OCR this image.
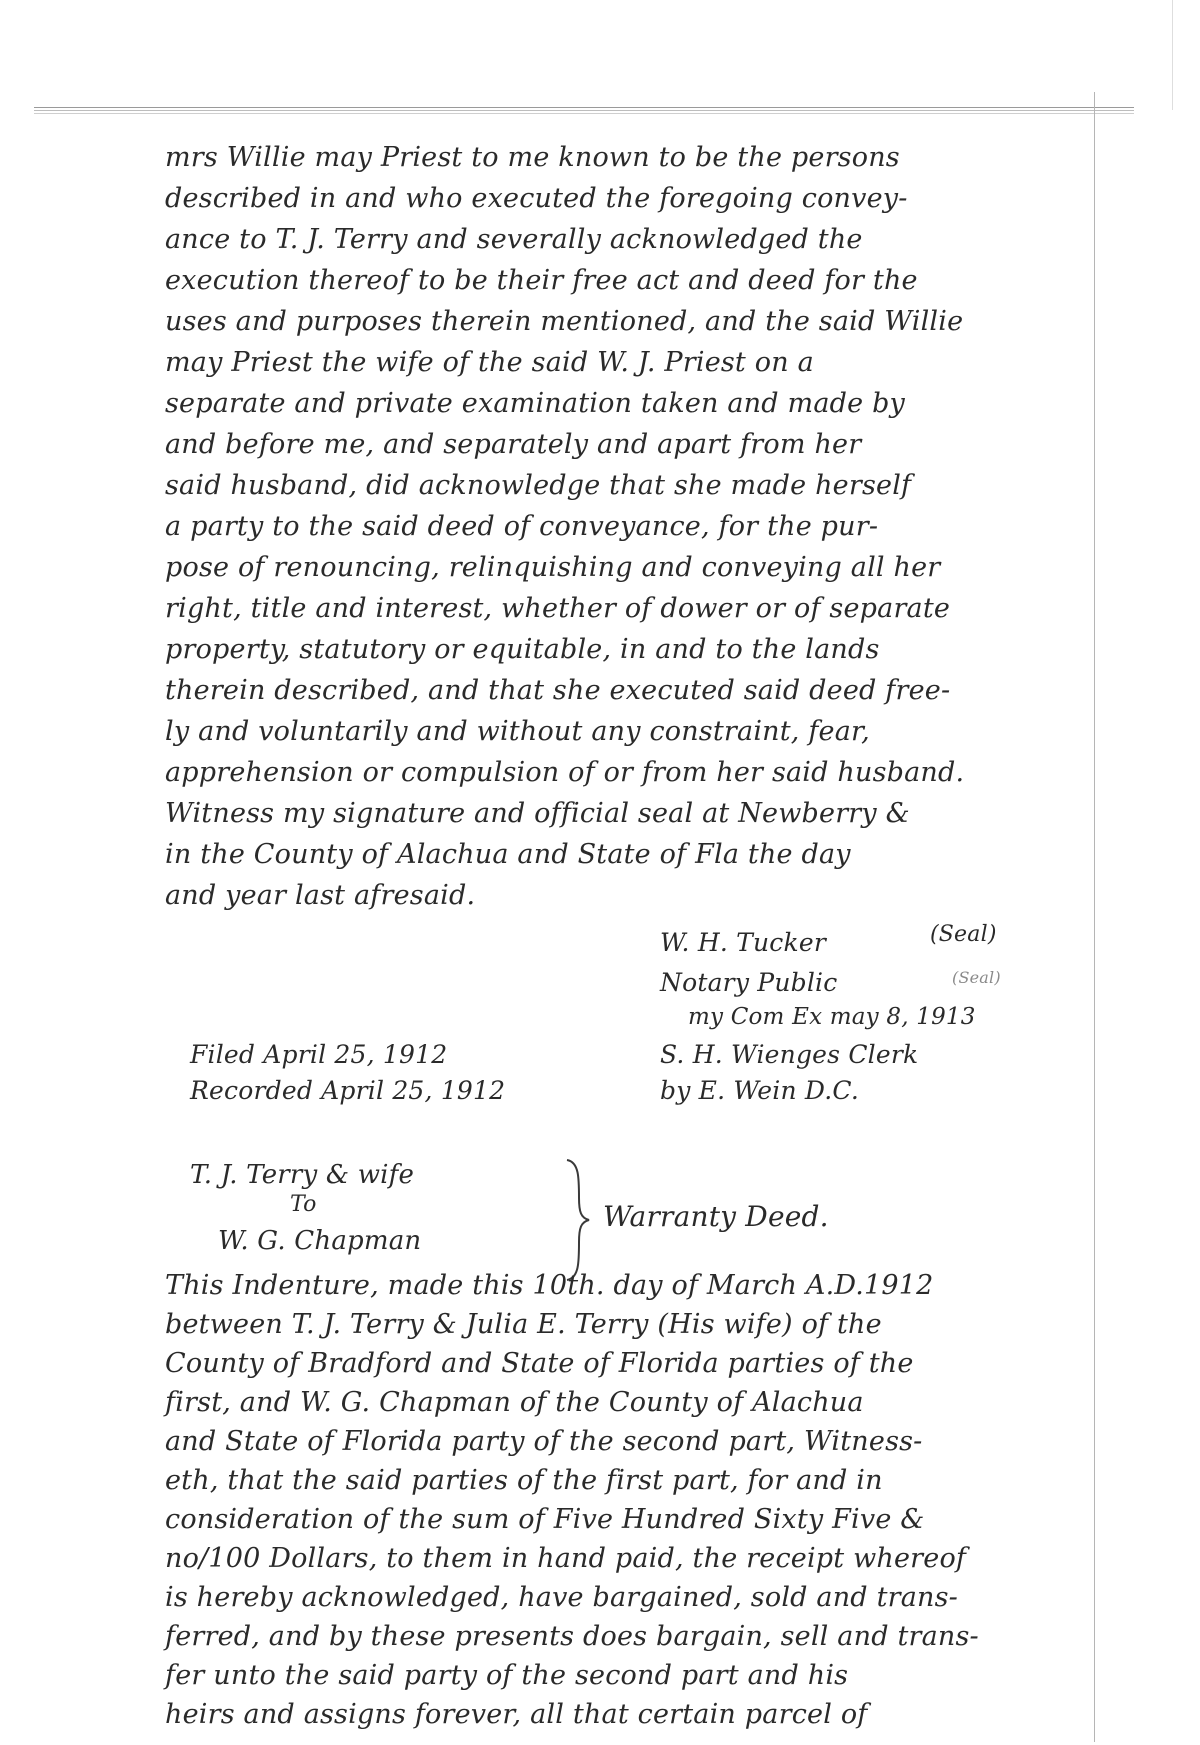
mrs Willie may Priest to me known to be the persons
described in and who executed the foregoing convey-
ance to T. J. Terry and severally acknowledged the
execution thereof to be their free act and deed for the
uses and purposes therein mentioned, and the said Willie
may Priest the wife of the said W. J. Priest on a
separate and private examination taken and made by
and before me, and separately and apart from her
said husband, did acknowledge that she made herself
a party to the said deed of conveyance, for the pur-
pose of renouncing, relinquishing and conveying all her
right, title and interest, whether of dower or of separate
property, statutory or equitable, in and to the lands
therein described, and that she executed said deed free-
ly and voluntarily and without any constraint, fear,
apprehension or compulsion of or from her said husband.
Witness my signature and official seal at Newberry &
in the County of Alachua and State of Fla the day
and year last afresaid.
W. H. Tucker	(Seal)
Notary Public	(Seal)
my Com Ex may 8, 1913
Filed April 25, 1912
Recorded April 25, 1912
S. H. Wienges Clerk
by E. Wein D.C.
T. J. Terry & wife
To
W. G. Chapman
Warranty Deed.
This Indenture, made this 10th. day of March A.D.1912
between T. J. Terry & Julia E. Terry (His wife) of the
County of Bradford and State of Florida parties of the
first, and W. G. Chapman of the County of Alachua
and State of Florida party of the second part, Witness-
eth, that the said parties of the first part, for and in
consideration of the sum of Five Hundred Sixty Five &
no/100 Dollars, to them in hand paid, the receipt whereof
is hereby acknowledged, have bargained, sold and trans-
ferred, and by these presents does bargain, sell and trans-
fer unto the said party of the second part and his
heirs and assigns forever, all that certain parcel of
